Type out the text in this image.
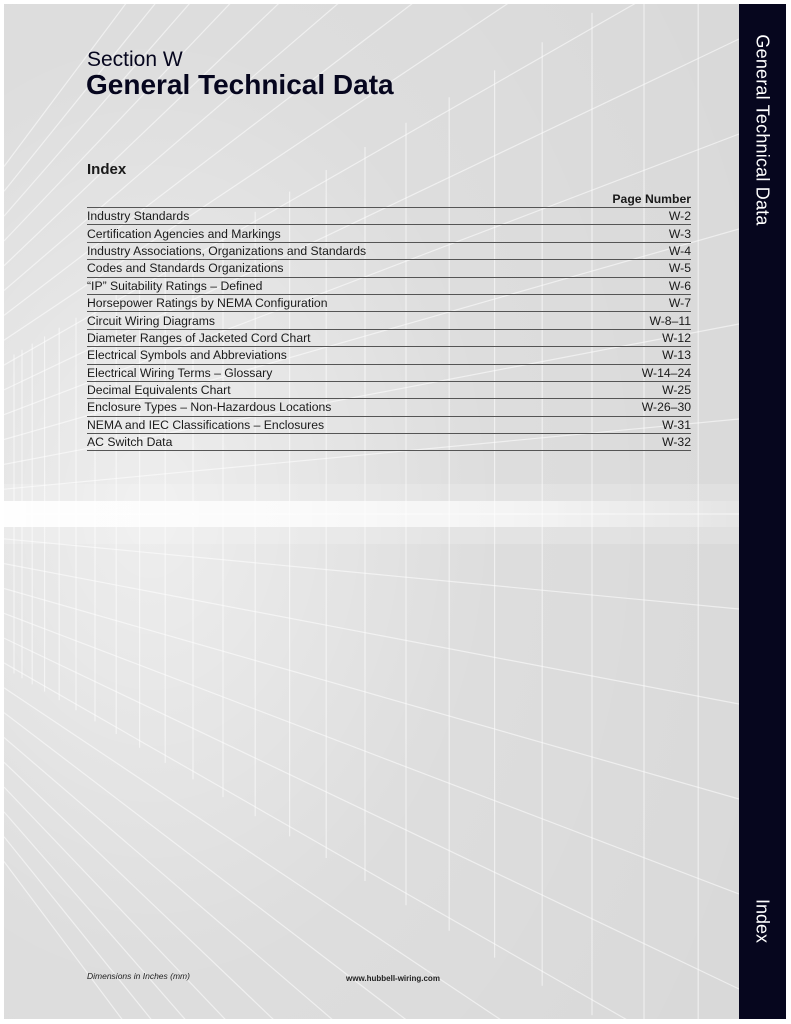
General Technical Data
Index
Section W
General Technical Data
Index
Page Number
Industry Standards	W-2
Certification Agencies and Markings	W-3
Industry Associations, Organizations and Standards	W-4
Codes and Standards Organizations	W-5
“IP” Suitability Ratings – Defined	W-6
Horsepower Ratings by NEMA Configuration	W-7
Circuit Wiring Diagrams	W-8–11
Diameter Ranges of Jacketed Cord Chart	W-12
Electrical Symbols and Abbreviations	W-13
Electrical Wiring Terms – Glossary	W-14–24
Decimal Equivalents Chart	W-25
Enclosure Types – Non-Hazardous Locations	W-26–30
NEMA and IEC Classifications – Enclosures	W-31
AC Switch Data	W-32
Dimensions in Inches (mm)	www.hubbell-wiring.com
